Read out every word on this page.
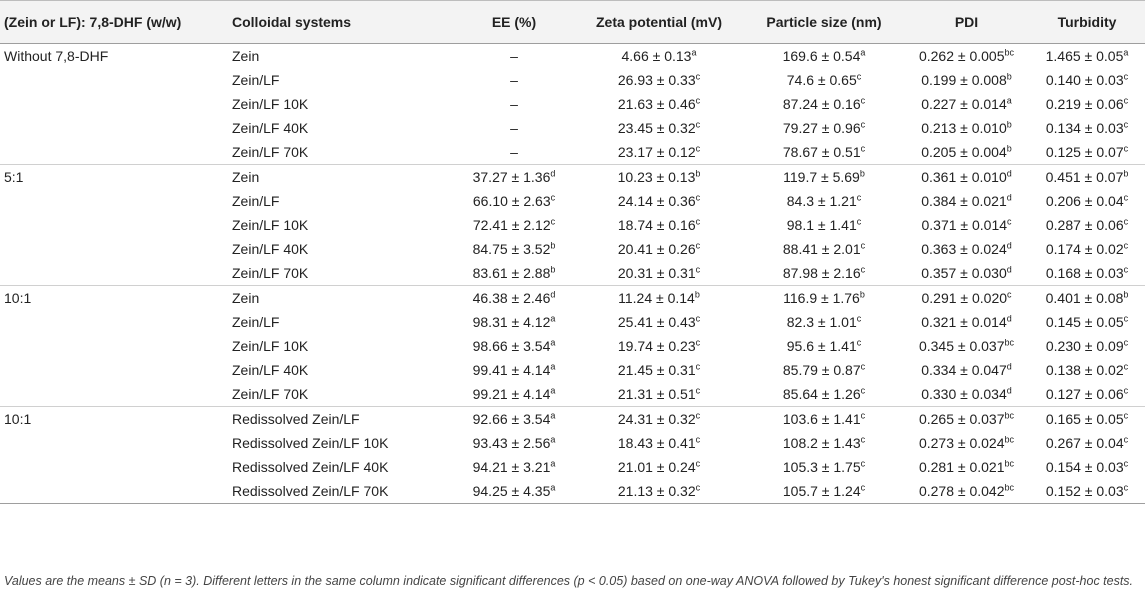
(Zein or LF): 7,8-DHF (w/w)	Colloidal systems	EE (%)	Zeta potential (mV)	Particle size (nm)	PDI	Turbidity
Without 7,8-DHF	Zein	–	4.66 ± 0.13$^a$	169.6 ± 0.54$^a$	0.262 ± 0.005$^{bc}$	1.465 ± 0.05$^a$
	Zein/LF	–	26.93 ± 0.33$^c$	74.6 ± 0.65$^c$	0.199 ± 0.008$^b$	0.140 ± 0.03$^c$
	Zein/LF 10K	–	21.63 ± 0.46$^c$	87.24 ± 0.16$^c$	0.227 ± 0.014$^a$	0.219 ± 0.06$^c$
	Zein/LF 40K	–	23.45 ± 0.32$^c$	79.27 ± 0.96$^c$	0.213 ± 0.010$^b$	0.134 ± 0.03$^c$
	Zein/LF 70K	–	23.17 ± 0.12$^c$	78.67 ± 0.51$^c$	0.205 ± 0.004$^b$	0.125 ± 0.07$^c$
5:1	Zein	37.27 ± 1.36$^d$	10.23 ± 0.13$^b$	119.7 ± 5.69$^b$	0.361 ± 0.010$^d$	0.451 ± 0.07$^b$
	Zein/LF	66.10 ± 2.63$^c$	24.14 ± 0.36$^c$	84.3 ± 1.21$^c$	0.384 ± 0.021$^d$	0.206 ± 0.04$^c$
	Zein/LF 10K	72.41 ± 2.12$^c$	18.74 ± 0.16$^c$	98.1 ± 1.41$^c$	0.371 ± 0.014$^c$	0.287 ± 0.06$^c$
	Zein/LF 40K	84.75 ± 3.52$^b$	20.41 ± 0.26$^c$	88.41 ± 2.01$^c$	0.363 ± 0.024$^d$	0.174 ± 0.02$^c$
	Zein/LF 70K	83.61 ± 2.88$^b$	20.31 ± 0.31$^c$	87.98 ± 2.16$^c$	0.357 ± 0.030$^d$	0.168 ± 0.03$^c$
10:1	Zein	46.38 ± 2.46$^d$	11.24 ± 0.14$^b$	116.9 ± 1.76$^b$	0.291 ± 0.020$^c$	0.401 ± 0.08$^b$
	Zein/LF	98.31 ± 4.12$^a$	25.41 ± 0.43$^c$	82.3 ± 1.01$^c$	0.321 ± 0.014$^d$	0.145 ± 0.05$^c$
	Zein/LF 10K	98.66 ± 3.54$^a$	19.74 ± 0.23$^c$	95.6 ± 1.41$^c$	0.345 ± 0.037$^{bc}$	0.230 ± 0.09$^c$
	Zein/LF 40K	99.41 ± 4.14$^a$	21.45 ± 0.31$^c$	85.79 ± 0.87$^c$	0.334 ± 0.047$^d$	0.138 ± 0.02$^c$
	Zein/LF 70K	99.21 ± 4.14$^a$	21.31 ± 0.51$^c$	85.64 ± 1.26$^c$	0.330 ± 0.034$^d$	0.127 ± 0.06$^c$
10:1	Redissolved Zein/LF	92.66 ± 3.54$^a$	24.31 ± 0.32$^c$	103.6 ± 1.41$^c$	0.265 ± 0.037$^{bc}$	0.165 ± 0.05$^c$
	Redissolved Zein/LF 10K	93.43 ± 2.56$^a$	18.43 ± 0.41$^c$	108.2 ± 1.43$^c$	0.273 ± 0.024$^{bc}$	0.267 ± 0.04$^c$
	Redissolved Zein/LF 40K	94.21 ± 3.21$^a$	21.01 ± 0.24$^c$	105.3 ± 1.75$^c$	0.281 ± 0.021$^{bc}$	0.154 ± 0.03$^c$
	Redissolved Zein/LF 70K	94.25 ± 4.35$^a$	21.13 ± 0.32$^c$	105.7 ± 1.24$^c$	0.278 ± 0.042$^{bc}$	0.152 ± 0.03$^c$
Values are the means ± SD (n = 3). Different letters in the same column indicate significant differences (p < 0.05) based on one-way ANOVA followed by Tukey's honest significant difference post-hoc tests.
